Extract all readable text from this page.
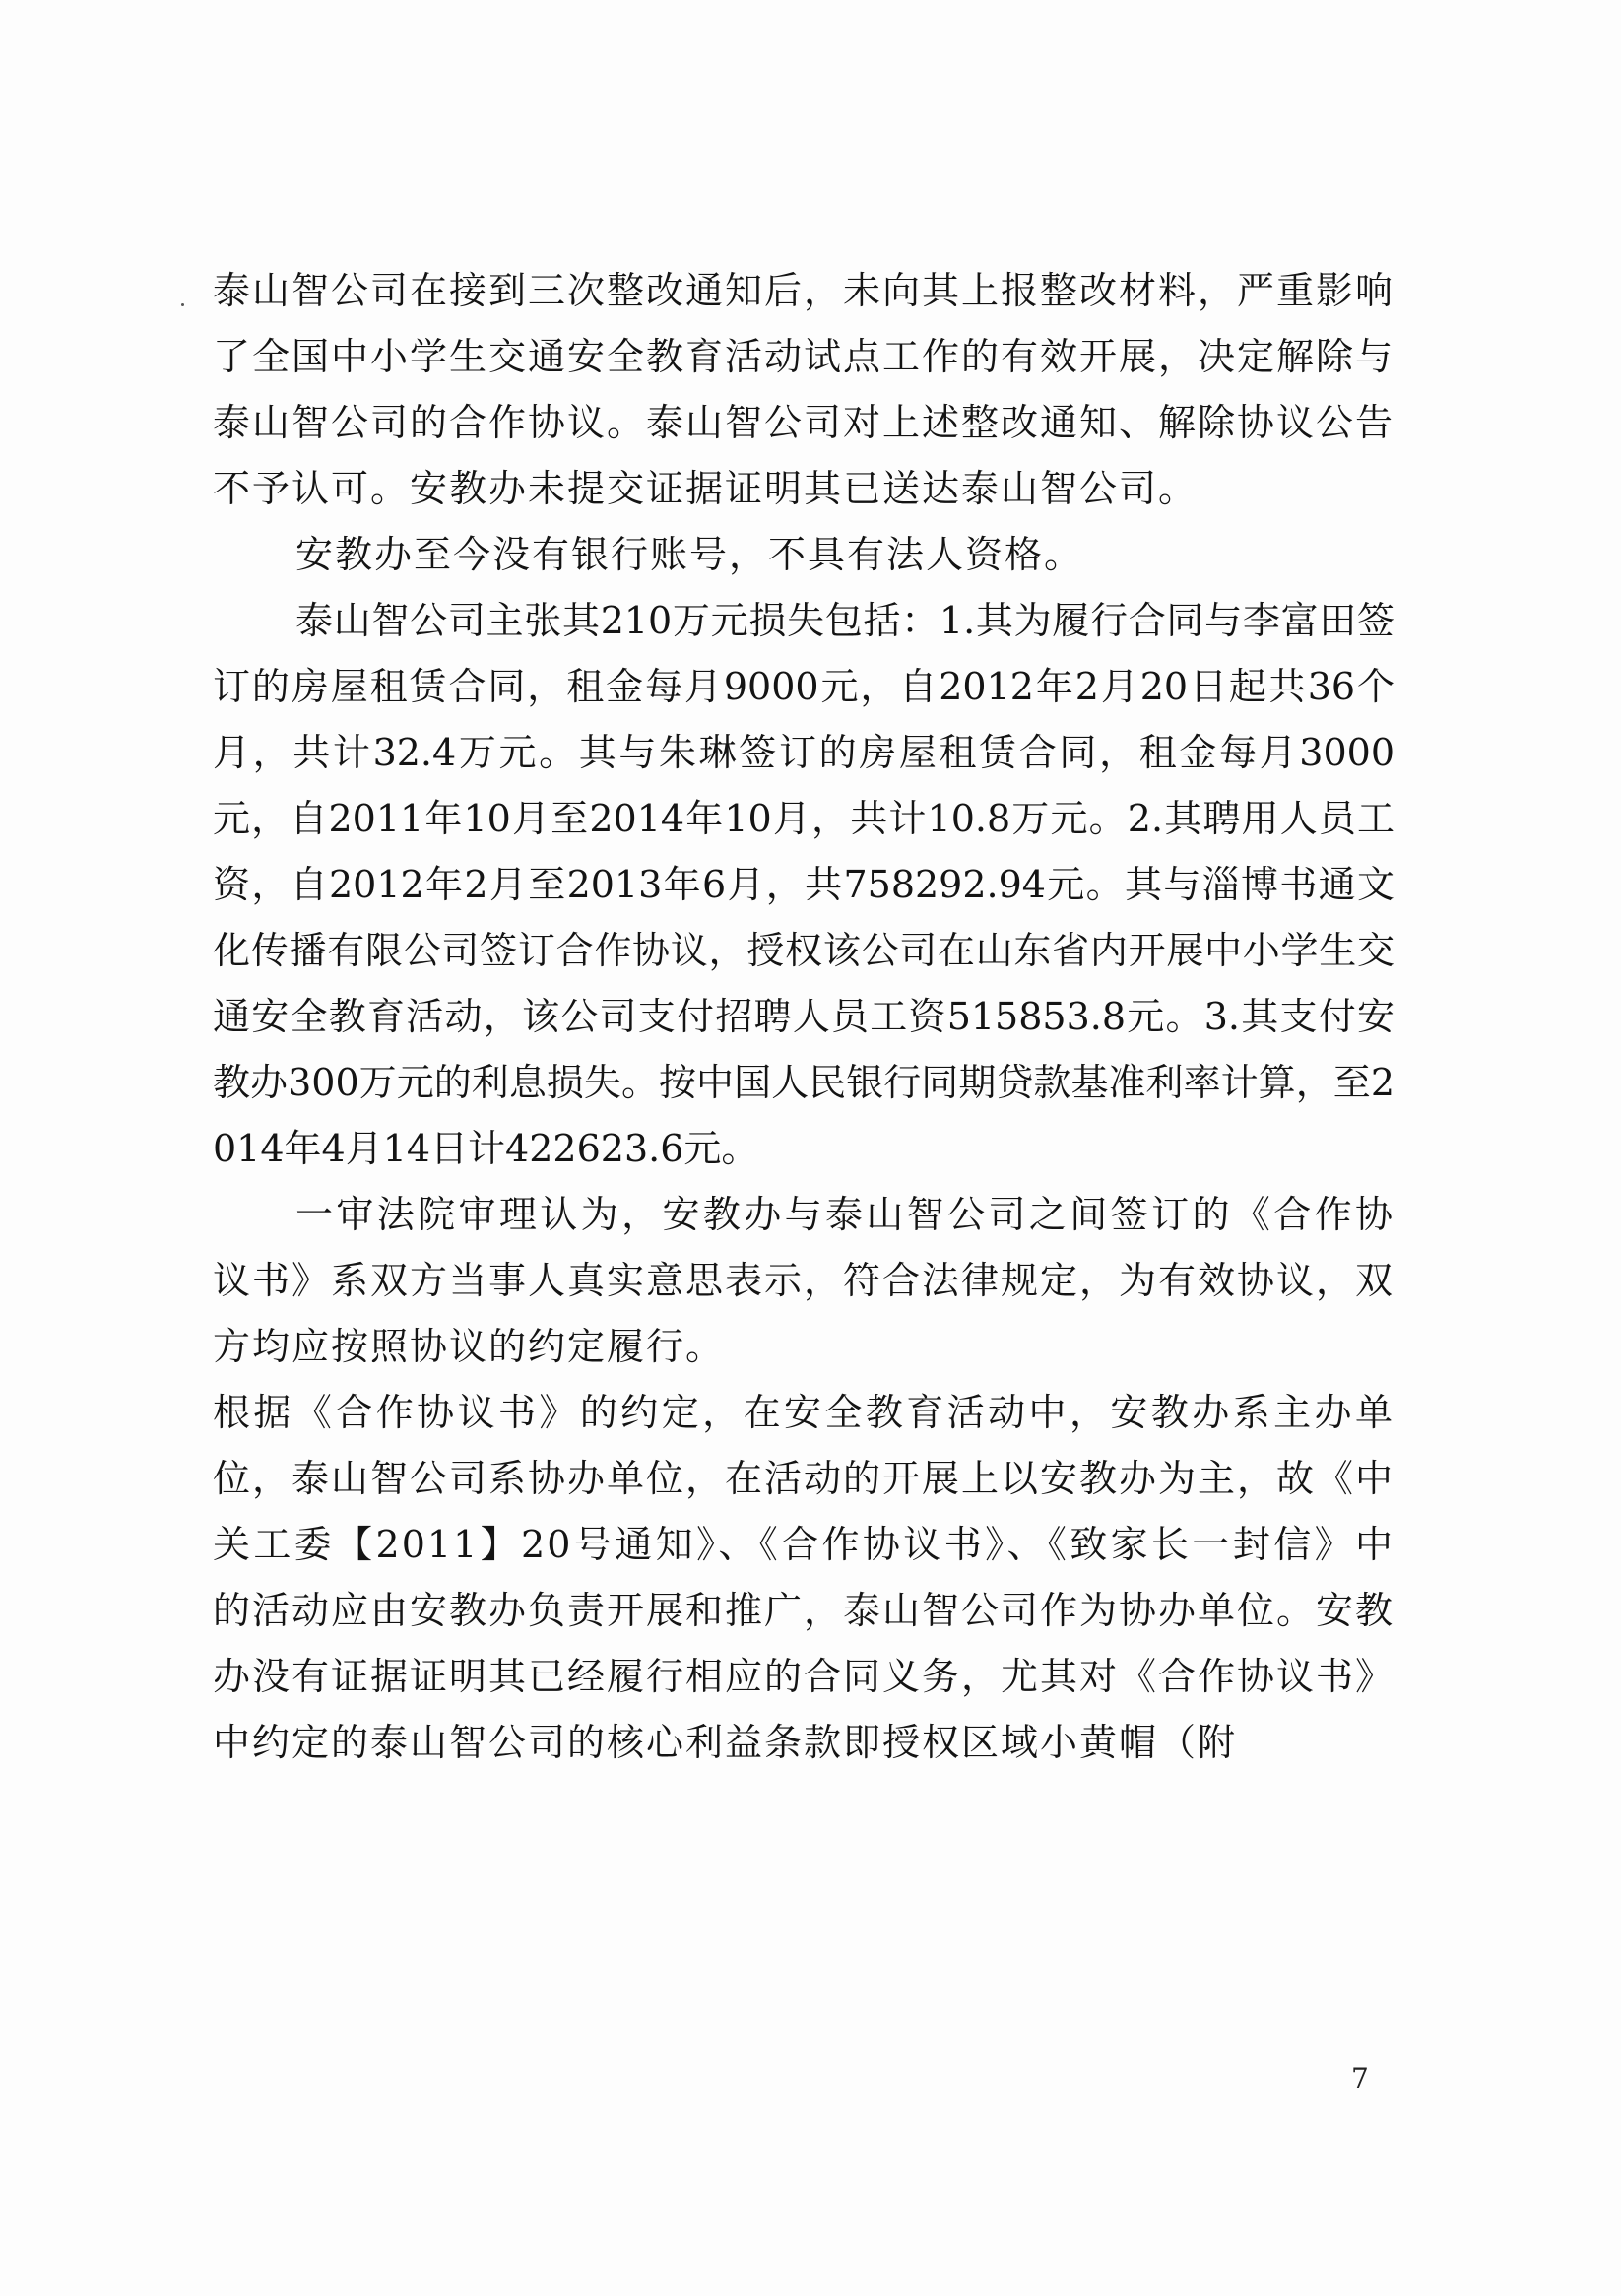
泰山智公司在接到三次整改通知后，未向其上报整改材料，严重影响了全国中小学生交通安全教育活动试点工作的有效开展，决定解除与泰山智公司的合作协议。泰山智公司对上述整改通知、解除协议公告不予认可。安教办未提交证据证明其已送达泰山智公司。

安教办至今没有银行账号，不具有法人资格。

泰山智公司主张其210万元损失包括：1.其为履行合同与李富田签订的房屋租赁合同，租金每月9000元，自2012年2月20日起共36个月，共计32.4万元。其与朱琳签订的房屋租赁合同，租金每月3000元，自2011年10月至2014年10月，共计10.8万元。2.其聘用人员工资，自2012年2月至2013年6月，共758292.94元。其与淄博书通文化传播有限公司签订合作协议，授权该公司在山东省内开展中小学生交通安全教育活动，该公司支付招聘人员工资515853.8元。3.其支付安教办300万元的利息损失。按中国人民银行同期贷款基准利率计算，至2014年4月14日计422623.6元。

一审法院审理认为，安教办与泰山智公司之间签订的《合作协议书》系双方当事人真实意思表示，符合法律规定，为有效协议，双方均应按照协议的约定履行。

根据《合作协议书》的约定，在安全教育活动中，安教办系主办单位，泰山智公司系协办单位，在活动的开展上以安教办为主，故《中关工委【2011】20号通知》、《合作协议书》、《致家长一封信》中的活动应由安教办负责开展和推广，泰山智公司作为协办单位。安教办没有证据证明其已经履行相应的合同义务，尤其对《合作协议书》中约定的泰山智公司的核心利益条款即授权区域小黄帽（附

7
